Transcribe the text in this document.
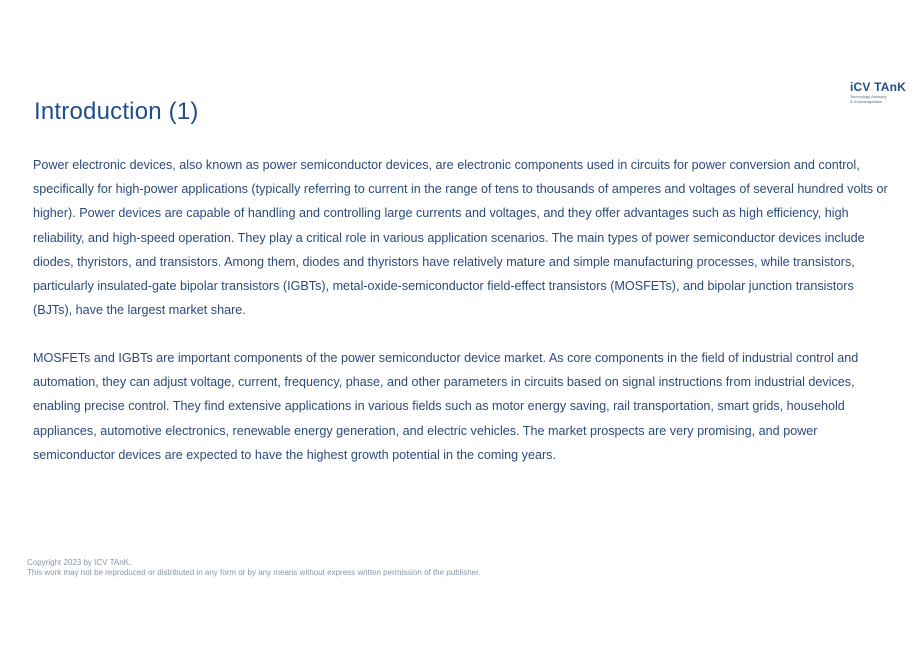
Introduction (1)
iCV TAnK
Technology Advisory
& Knowledgebase

Power electronic devices, also known as power semiconductor devices, are electronic components used in circuits for power conversion and control, specifically for high-power applications (typically referring to current in the range of tens to thousands of amperes and voltages of several hundred volts or higher). Power devices are capable of handling and controlling large currents and voltages, and they offer advantages such as high efficiency, high reliability, and high-speed operation. They play a critical role in various application scenarios. The main types of power semiconductor devices include diodes, thyristors, and transistors. Among them, diodes and thyristors have relatively mature and simple manufacturing processes, while transistors, particularly insulated-gate bipolar transistors (IGBTs), metal-oxide-semiconductor field-effect transistors (MOSFETs), and bipolar junction transistors (BJTs), have the largest market share.

MOSFETs and IGBTs are important components of the power semiconductor device market. As core components in the field of industrial control and automation, they can adjust voltage, current, frequency, phase, and other parameters in circuits based on signal instructions from industrial devices, enabling precise control. They find extensive applications in various fields such as motor energy saving, rail transportation, smart grids, household appliances, automotive electronics, renewable energy generation, and electric vehicles. The market prospects are very promising, and power semiconductor devices are expected to have the highest growth potential in the coming years.

Copyright 2023 by ICV TAnK.
This work may not be reproduced or distributed in any form or by any means without express written permission of the publisher.
